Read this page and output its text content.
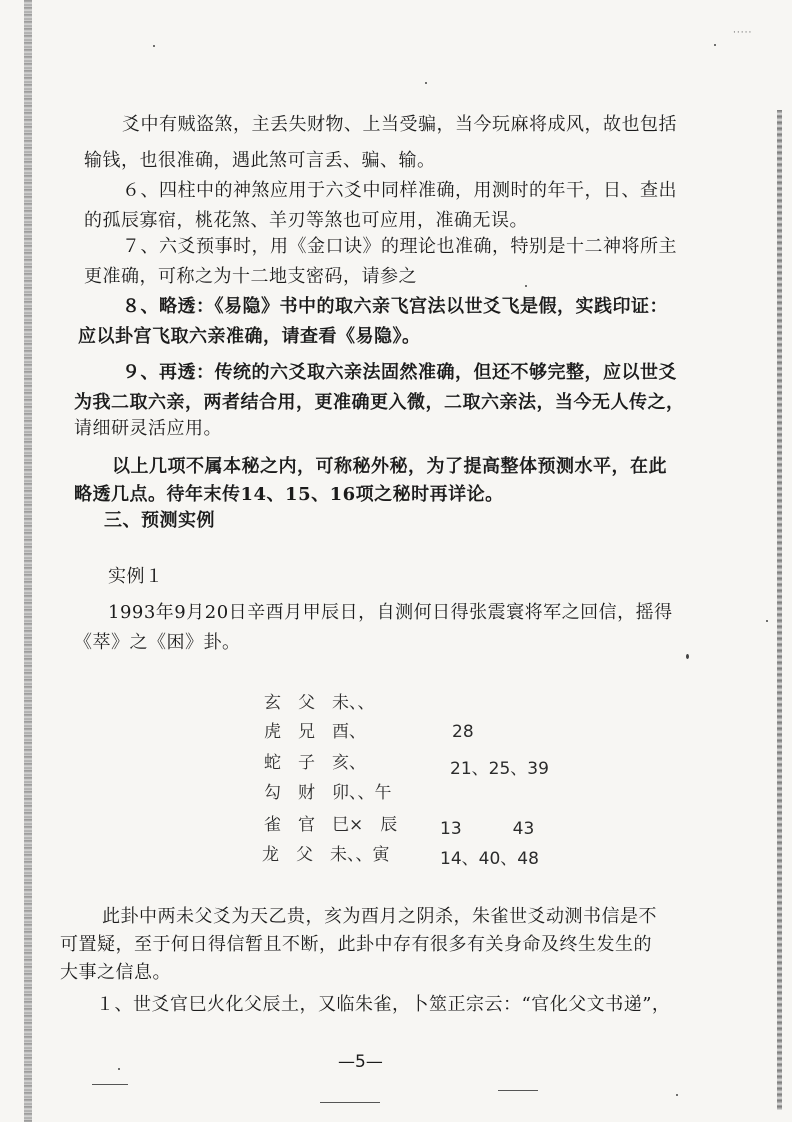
·····
爻中有贼盗煞，主丢失财物、上当受骗，当今玩麻将成风，故也包括
输钱，也很准确，遇此煞可言丢、骗、输。
６、四柱中的神煞应用于六爻中同样准确，用测时的年干，日、查出
的孤辰寡宿，桃花煞、羊刃等煞也可应用，准确无误。
７、六爻预事时，用《金口诀》的理论也准确，特别是十二神将所主
更准确，可称之为十二地支密码，请参之
８、略透：《易隐》书中的取六亲飞宫法以世爻飞是假，实践印证：
应以卦宫飞取六亲准确，请查看《易隐》。
９、再透：传统的六爻取六亲法固然准确，但还不够完整，应以世爻
为我二取六亲，两者结合用，更准确更入微，二取六亲法，当今无人传之，
请细研灵活应用。
以上几项不属本秘之内，可称秘外秘，为了提高整体预测水平，在此
略透几点。待年末传14、15、16项之秘时再详论。
三、预测实例
实例１
1993年9月20日辛酉月甲辰日，自测何日得张震寰将军之回信，摇得
《萃》之《困》卦。
玄　父　未、、
虎　兄　酉、	28
蛇　子　亥、	21、25、39
勾　财　卯、、午
雀　官　巳×　辰	13　　　43
龙　父　未、、寅	14、40、48
此卦中两未父爻为天乙贵，亥为酉月之阴杀，朱雀世爻动测书信是不
可置疑，至于何日得信暂且不断，此卦中存有很多有关身命及终生发生的
大事之信息。
１、世爻官巳火化父辰土，又临朱雀，卜筮正宗云：“官化父文书递”，
—5—
